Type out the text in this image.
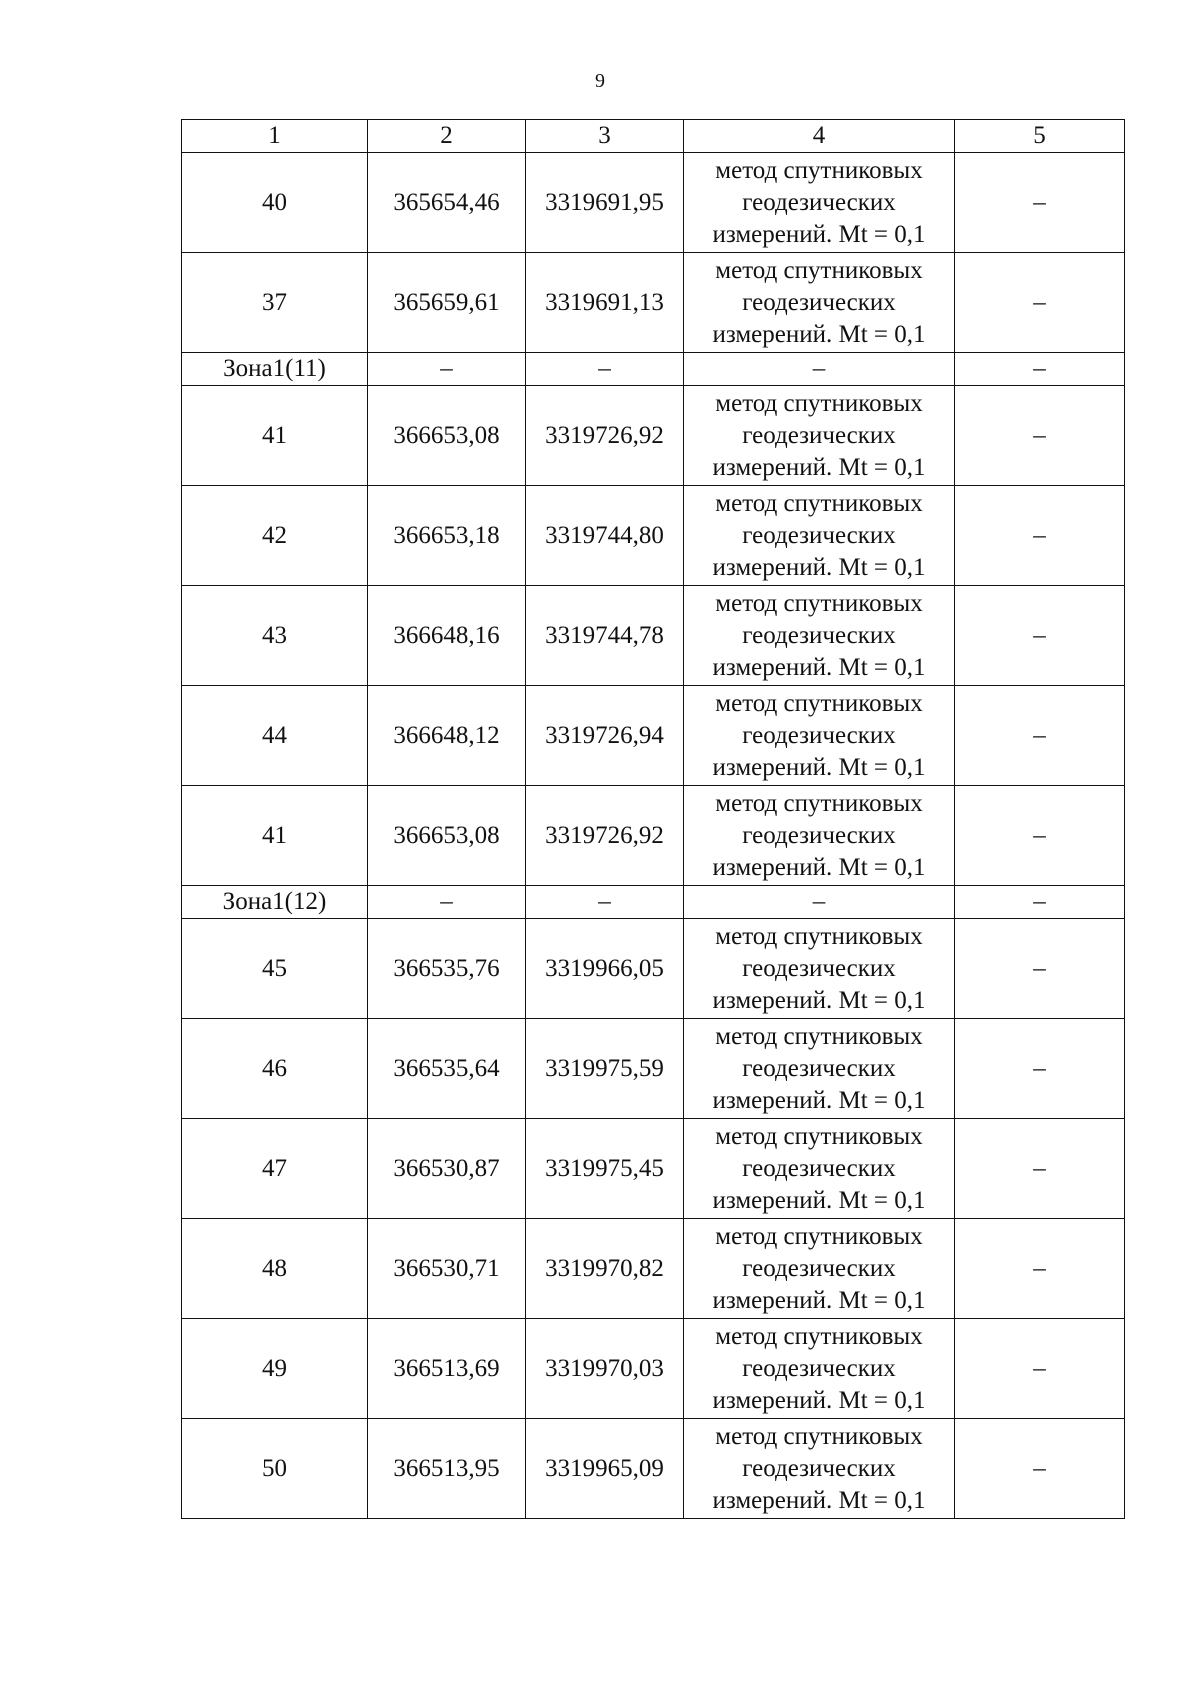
9
1	2	3	4	5
40	365654,46	3319691,95	метод спутниковых
геодезических
измерений. Mt = 0,1	–
37	365659,61	3319691,13	метод спутниковых
геодезических
измерений. Mt = 0,1	–
Зона1(11)	–	–	–	–
41	366653,08	3319726,92	метод спутниковых
геодезических
измерений. Mt = 0,1	–
42	366653,18	3319744,80	метод спутниковых
геодезических
измерений. Mt = 0,1	–
43	366648,16	3319744,78	метод спутниковых
геодезических
измерений. Mt = 0,1	–
44	366648,12	3319726,94	метод спутниковых
геодезических
измерений. Mt = 0,1	–
41	366653,08	3319726,92	метод спутниковых
геодезических
измерений. Mt = 0,1	–
Зона1(12)	–	–	–	–
45	366535,76	3319966,05	метод спутниковых
геодезических
измерений. Mt = 0,1	–
46	366535,64	3319975,59	метод спутниковых
геодезических
измерений. Mt = 0,1	–
47	366530,87	3319975,45	метод спутниковых
геодезических
измерений. Mt = 0,1	–
48	366530,71	3319970,82	метод спутниковых
геодезических
измерений. Mt = 0,1	–
49	366513,69	3319970,03	метод спутниковых
геодезических
измерений. Mt = 0,1	–
50	366513,95	3319965,09	метод спутниковых
геодезических
измерений. Mt = 0,1	–
